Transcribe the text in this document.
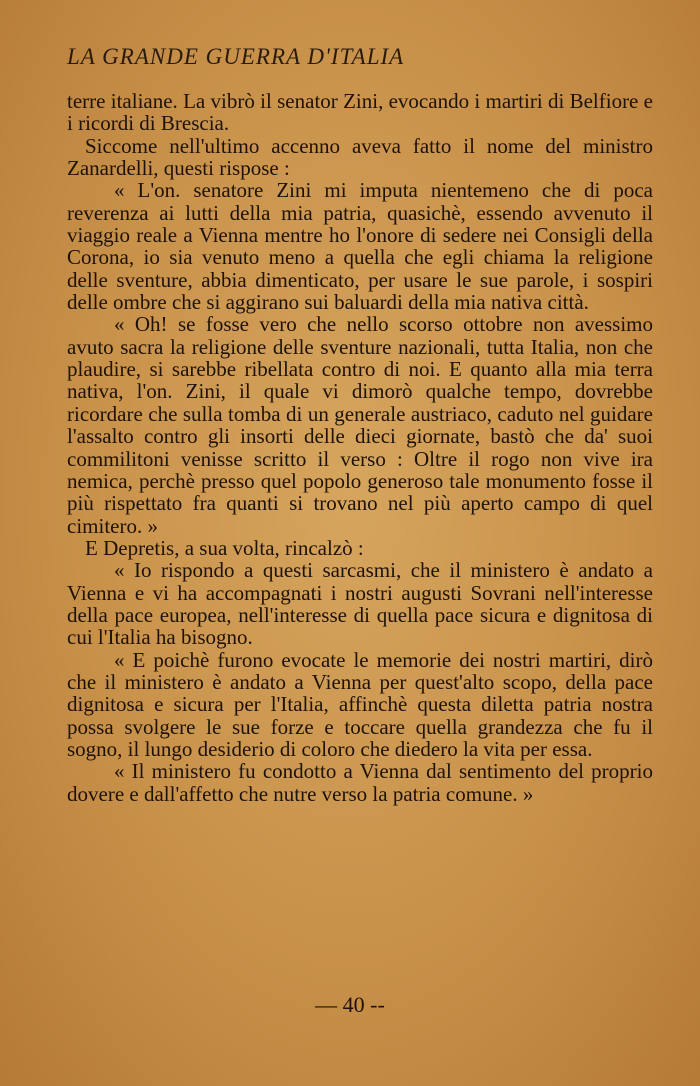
LA GRANDE GUERRA D'ITALIA

terre italiane. La vibrò il senator Zini, evocando i martiri di Belfiore e i ricordi di Brescia.

Siccome nell'ultimo accenno aveva fatto il nome del ministro Zanardelli, questi rispose :

« L'on. senatore Zini mi imputa nientemeno che di poca reverenza ai lutti della mia patria, quasichè, essendo avvenuto il viaggio reale a Vienna mentre ho l'onore di sedere nei Consigli della Corona, io sia venuto meno a quella che egli chiama la religione delle sventure, abbia dimenticato, per usare le sue parole, i sospiri delle ombre che si aggirano sui baluardi della mia nativa città.

« Oh! se fosse vero che nello scorso ottobre non avessimo avuto sacra la religione delle sventure nazionali, tutta Italia, non che plaudire, si sarebbe ribellata contro di noi. E quanto alla mia terra nativa, l'on. Zini, il quale vi dimorò qualche tempo, dovrebbe ricordare che sulla tomba di un generale austriaco, caduto nel guidare l'assalto contro gli insorti delle dieci giornate, bastò che da' suoi commilitoni venisse scritto il verso : Oltre il rogo non vive ira nemica, perchè presso quel popolo generoso tale monumento fosse il più rispettato fra quanti si trovano nel più aperto campo di quel cimitero. »

E Depretis, a sua volta, rincalzò :

« Io rispondo a questi sarcasmi, che il ministero è andato a Vienna e vi ha accompagnati i nostri augusti Sovrani nell'interesse della pace europea, nell'interesse di quella pace sicura e dignitosa di cui l'Italia ha bisogno.

« E poichè furono evocate le memorie dei nostri martiri, dirò che il ministero è andato a Vienna per quest'alto scopo, della pace dignitosa e sicura per l'Italia, affinchè questa diletta patria nostra possa svolgere le sue forze e toccare quella grandezza che fu il sogno, il lungo desiderio di coloro che diedero la vita per essa.

« Il ministero fu condotto a Vienna dal sentimento del proprio dovere e dall'affetto che nutre verso la patria comune. »

— 40 --
